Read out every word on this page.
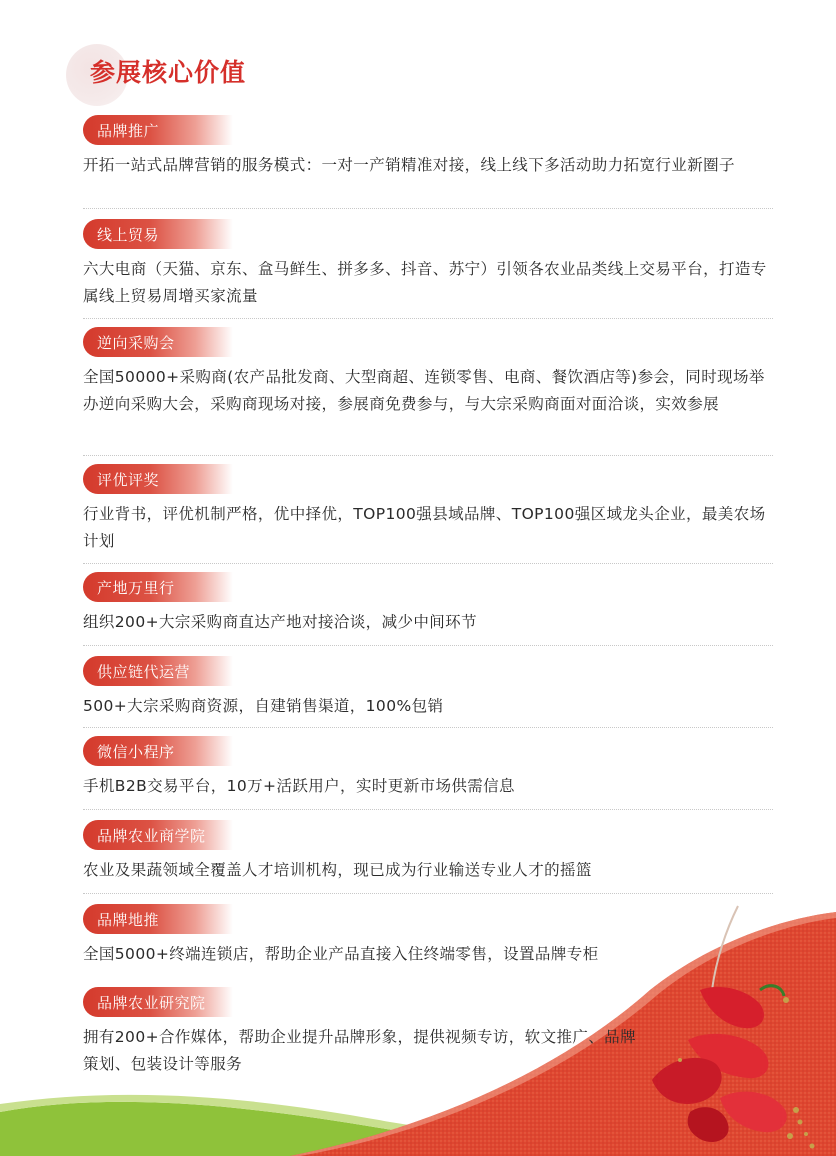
参展核心价值
品牌推广
开拓一站式品牌营销的服务模式：一对一产销精准对接，线上线下多活动助力拓宽行业新圈子
线上贸易
六大电商（天猫、京东、盒马鲜生、拼多多、抖音、苏宁）引领各农业品类线上交易平台，打造专属线上贸易周增买家流量
逆向采购会
全国50000+采购商(农产品批发商、大型商超、连锁零售、电商、餐饮酒店等)参会，同时现场举办逆向采购大会，采购商现场对接，参展商免费参与，与大宗采购商面对面洽谈，实效参展
评优评奖
行业背书，评优机制严格，优中择优，TOP100强县域品牌、TOP100强区域龙头企业，最美农场计划
产地万里行
组织200+大宗采购商直达产地对接洽谈，减少中间环节
供应链代运营
500+大宗采购商资源，自建销售渠道，100%包销
微信小程序
手机B2B交易平台，10万+活跃用户，实时更新市场供需信息
品牌农业商学院
农业及果蔬领域全覆盖人才培训机构，现已成为行业输送专业人才的摇篮
品牌地推
全国5000+终端连锁店，帮助企业产品直接入住终端零售，设置品牌专柜
品牌农业研究院
拥有200+合作媒体，帮助企业提升品牌形象，提供视频专访，软文推广、品牌策划、包装设计等服务
